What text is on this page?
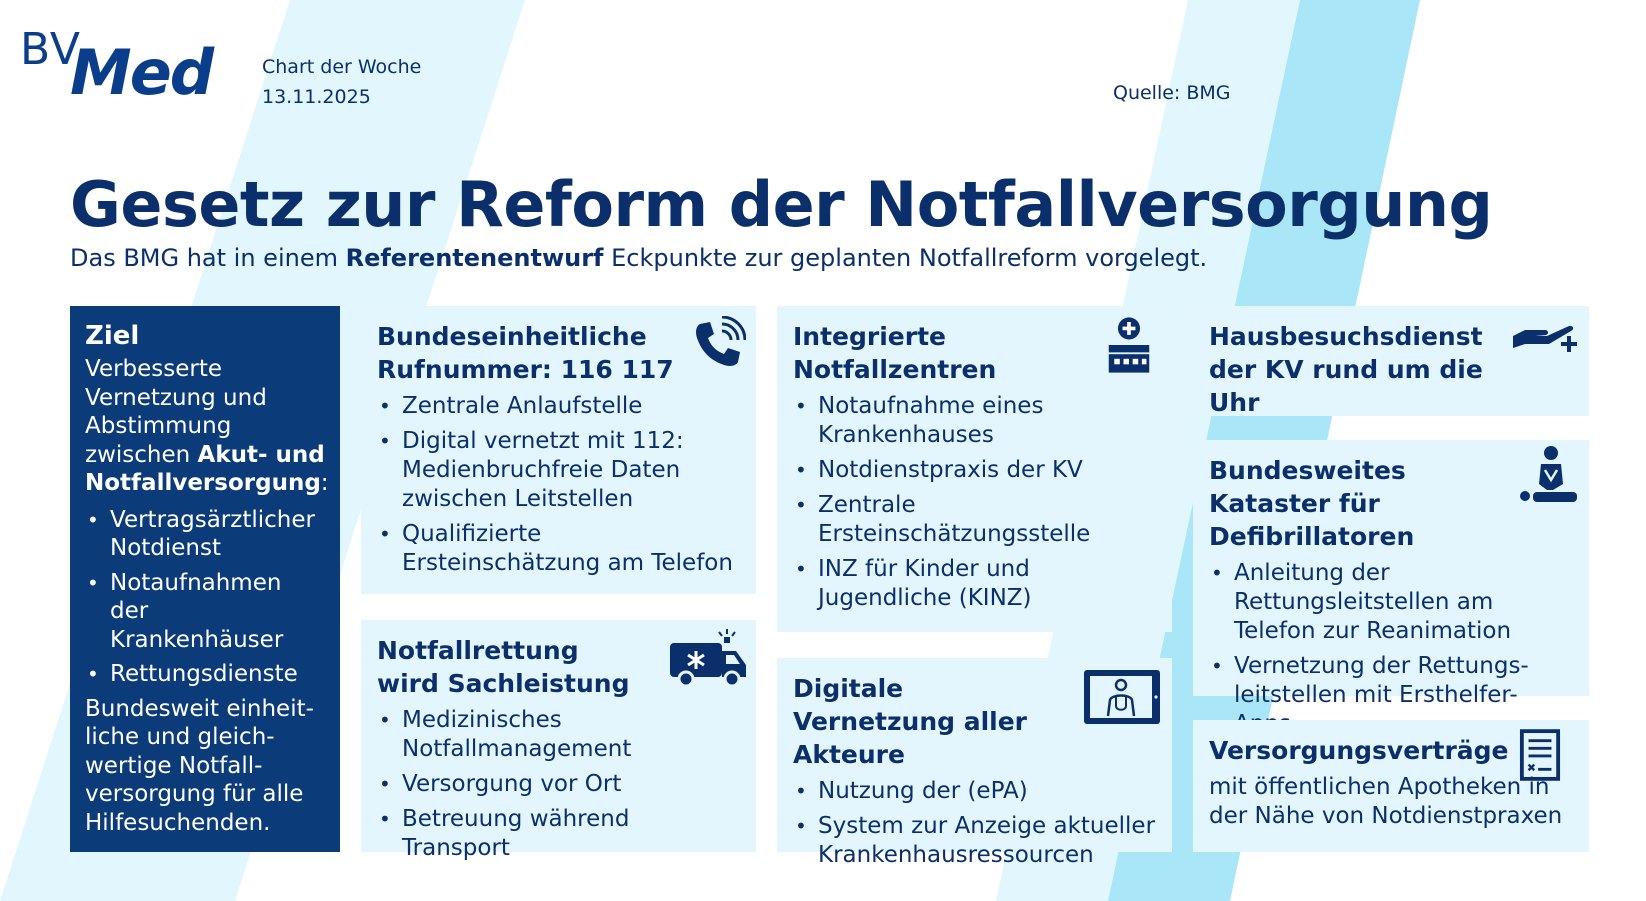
BV
Med	Chart der Woche
13.11.2025	Quelle: BMG
Gesetz zur Reform der Notfallversorgung
Das BMG hat in einem Referentenentwurf Eckpunkte zur geplanten Notfallreform vorgelegt.
Ziel

Verbesserte Vernetzung und Abstimmung zwischen Akut- und Notfallversorgung:

• Vertragsärztlicher Notdienst
• Notaufnahmen der Krankenhäuser
• Rettungsdienste

Bundesweit einheit-liche und gleich-wertige Notfall-versorgung für alle Hilfesuchenden.

Bundeseinheitliche Rufnummer: 116 117
• Zentrale Anlaufstelle
• Digital vernetzt mit 112: Medienbruchfreie Daten zwischen Leitstellen
• Qualifizierte Ersteinschätzung am Telefon
Notfallrettung wird Sachleistung
• Medizinisches Notfallmanagement
• Versorgung vor Ort
• Betreuung während Transport
Integrierte Notfallzentren
• Notaufnahme eines Krankenhauses
• Notdienstpraxis der KV
• Zentrale Ersteinschätzungsstelle
• INZ für Kinder und Jugendliche (KINZ)
Digitale Vernetzung aller Akteure
• Nutzung der (ePA)
• System zur Anzeige aktueller Krankenhausressourcen
Hausbesuchsdienst der KV rund um die Uhr
Bundesweites Kataster für Defibrillatoren
• Anleitung der Rettungsleitstellen am Telefon zur Reanimation
• Vernetzung der Rettungs-leitstellen mit Ersthelfer-
Versorgungsverträge

mit öffentlichen Apotheken in der Nähe von Notdienstpraxen
